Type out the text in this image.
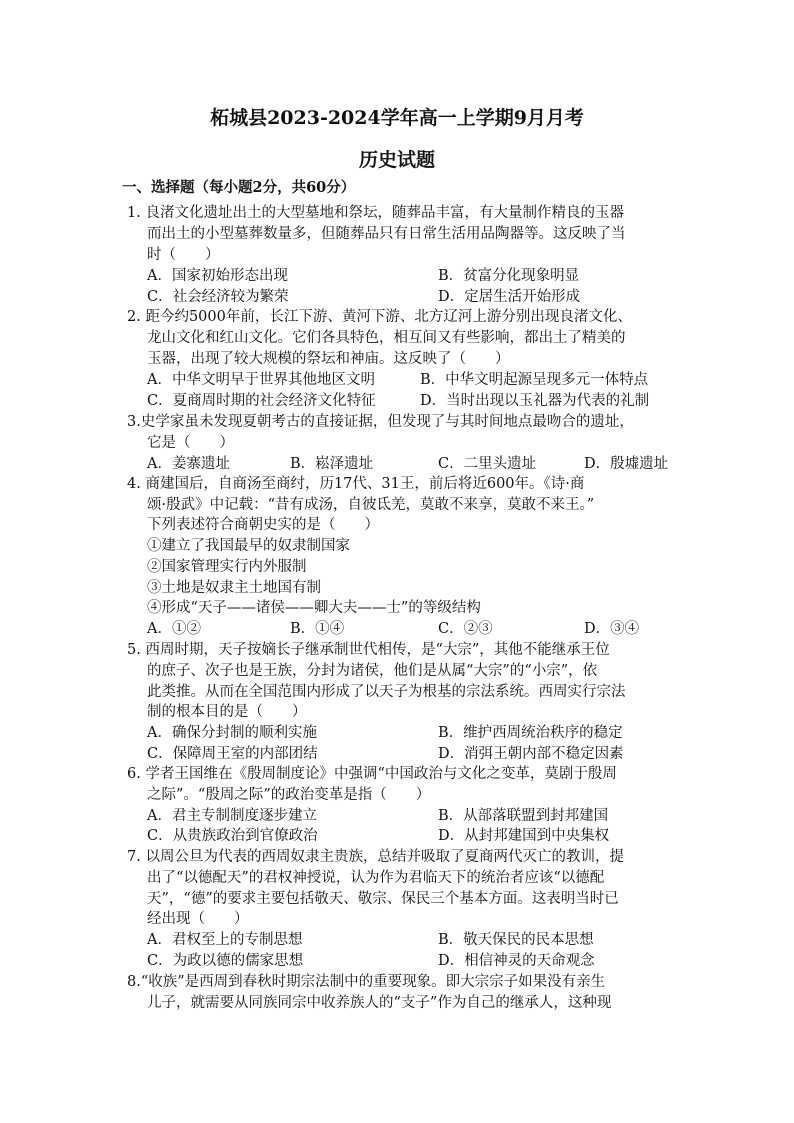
柘城县2023-2024学年高一上学期9月月考
历史试题
一、选择题（每小题2分，共60分）
1. 良渚文化遗址出土的大型墓地和祭坛，随葬品丰富，有大量制作精良的玉器
而出土的小型墓葬数量多，但随葬品只有日常生活用品陶器等。这反映了当
时（　　）
A．国家初始形态出现	B．贫富分化现象明显
C．社会经济较为繁荣	D．定居生活开始形成
2. 距今约5000年前，长江下游、黄河下游、北方辽河上游分别出现良渚文化、
龙山文化和红山文化。它们各具特色，相互间又有些影响，都出土了精美的
玉器，出现了较大规模的祭坛和神庙。这反映了（　　）
A．中华文明早于世界其他地区文明	B．中华文明起源呈现多元一体特点
C．夏商周时期的社会经济文化特征	D．当时出现以玉礼器为代表的礼制
3.史学家虽未发现夏朝考古的直接证据，但发现了与其时间地点最吻合的遗址，
它是（　　）
A．姜寨遗址	B．崧泽遗址	C．二里头遗址	D．殷墟遗址
4. 商建国后，自商汤至商纣，历17代、31王，前后将近600年。《诗·商
颂·殷武》中记载：“昔有成汤，自彼氐羌，莫敢不来享，莫敢不来王。”
下列表述符合商朝史实的是（　　）
①建立了我国最早的奴隶制国家
②国家管理实行内外服制
③土地是奴隶主土地国有制
④形成“天子——诸侯——卿大夫——士”的等级结构
A．①②	B．①④	C．②③	D．③④
5. 西周时期，天子按嫡长子继承制世代相传，是“大宗”，其他不能继承王位
的庶子、次子也是王族，分封为诸侯，他们是从属“大宗”的“小宗”，依
此类推。从而在全国范围内形成了以天子为根基的宗法系统。西周实行宗法
制的根本目的是（　　）
A．确保分封制的顺利实施	B．维护西周统治秩序的稳定
C．保障周王室的内部团结	D．消弭王朝内部不稳定因素
6. 学者王国维在《殷周制度论》中强调“中国政治与文化之变革，莫剧于殷周
之际”。“殷周之际”的政治变革是指（　　）
A．君主专制制度逐步建立	B．从部落联盟到封邦建国
C．从贵族政治到官僚政治	D．从封邦建国到中央集权
7. 以周公旦为代表的西周奴隶主贵族，总结并吸取了夏商两代灭亡的教训，提
出了“以德配天”的君权神授说，认为作为君临天下的统治者应该“以德配
天”，“德”的要求主要包括敬天、敬宗、保民三个基本方面。这表明当时已
经出现（　　）
A．君权至上的专制思想	B．敬天保民的民本思想
C．为政以德的儒家思想	D．相信神灵的天命观念
8.“收族”是西周到春秋时期宗法制中的重要现象。即大宗宗子如果没有亲生
儿子，就需要从同族同宗中收养族人的“支子”作为自己的继承人，这种现
